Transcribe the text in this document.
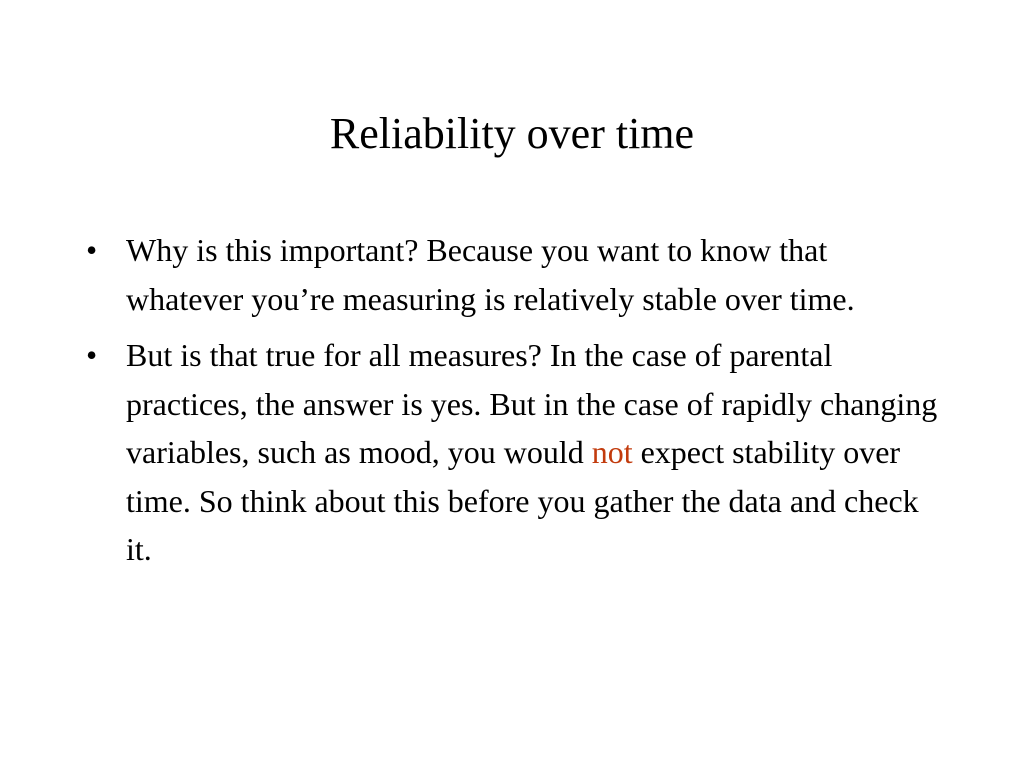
Reliability over time
• Why is this important? Because you want to know that whatever you’re measuring is relatively stable over time.
• But is that true for all measures? In the case of parental practices, the answer is yes. But in the case of rapidly changing variables, such as mood, you would not expect stability over time. So think about this before you gather the data and check it.
